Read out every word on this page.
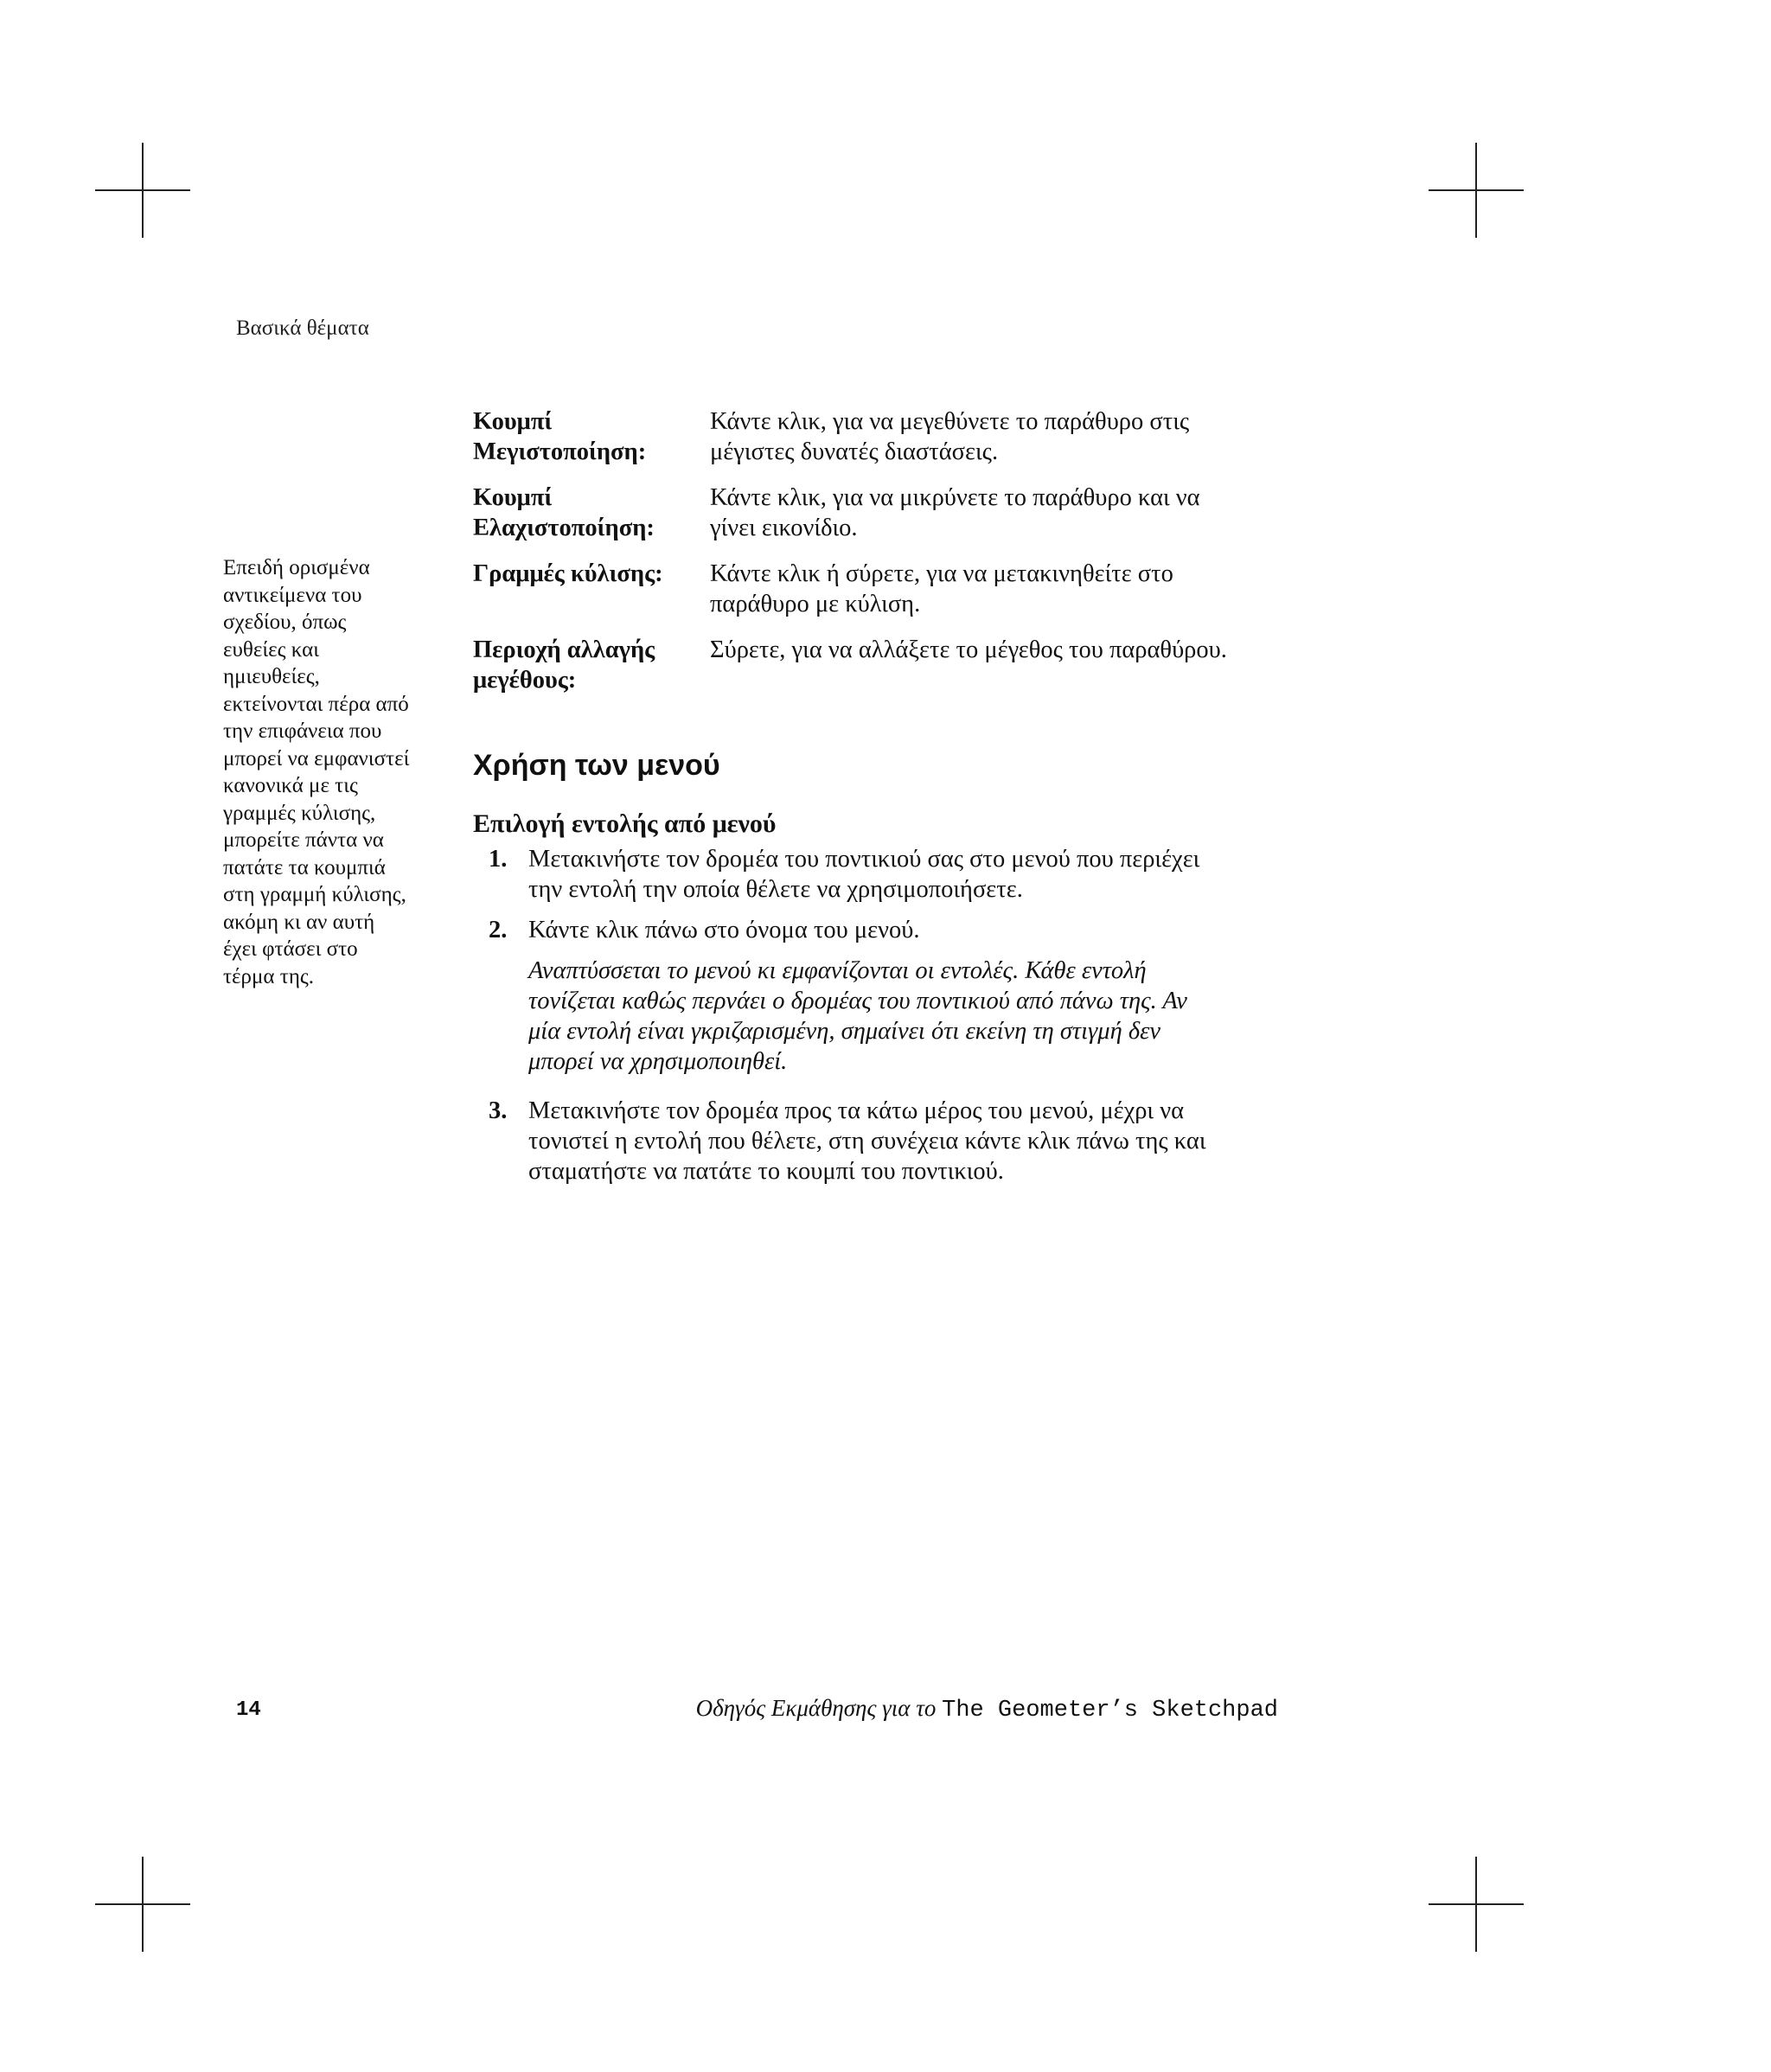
Βασικά θέματα
Επειδή ορισμένα
αντικείμενα του
σχεδίου, όπως
ευθείες και
ημιευθείες,
εκτείνονται πέρα από
την επιφάνεια που
μπορεί να εμφανιστεί
κανονικά με τις
γραμμές κύλισης,
μπορείτε πάντα να
πατάτε τα κουμπιά
στη γραμμή κύλισης,
ακόμη κι αν αυτή
έχει φτάσει στο
τέρμα της.
Κουμπί
Μεγιστοποίηση:
Κάντε κλικ, για να μεγεθύνετε το παράθυρο στις
μέγιστες δυνατές διαστάσεις.
Κουμπί
Ελαχιστοποίηση:
Κάντε κλικ, για να μικρύνετε το παράθυρο και να
γίνει εικονίδιο.
Γραμμές κύλισης:	Κάντε κλικ ή σύρετε, για να μετακινηθείτε στο
παράθυρο με κύλιση.
Περιοχή αλλαγής
μεγέθους:
Σύρετε, για να αλλάξετε το μέγεθος του παραθύρου.
Χρήση των μενού
Επιλογή εντολής από μενού
1. Μετακινήστε τον δρομέα του ποντικιού σας στο μενού που περιέχει
την εντολή την οποία θέλετε να χρησιμοποιήσετε.
2. Κάντε κλικ πάνω στο όνομα του μενού.
Αναπτύσσεται το μενού κι εμφανίζονται οι εντολές. Κάθε εντολή
τονίζεται καθώς περνάει ο δρομέας του ποντικιού από πάνω της. Αν
μία εντολή είναι γκριζαρισμένη, σημαίνει ότι εκείνη τη στιγμή δεν
μπορεί να χρησιμοποιηθεί.
3. Μετακινήστε τον δρομέα προς τα κάτω μέρος του μενού, μέχρι να
τονιστεί η εντολή που θέλετε, στη συνέχεια κάντε κλικ πάνω της και
σταματήστε να πατάτε το κουμπί του ποντικιού.
14	Οδηγός Εκμάθησης για το The Geometer’s Sketchpad
